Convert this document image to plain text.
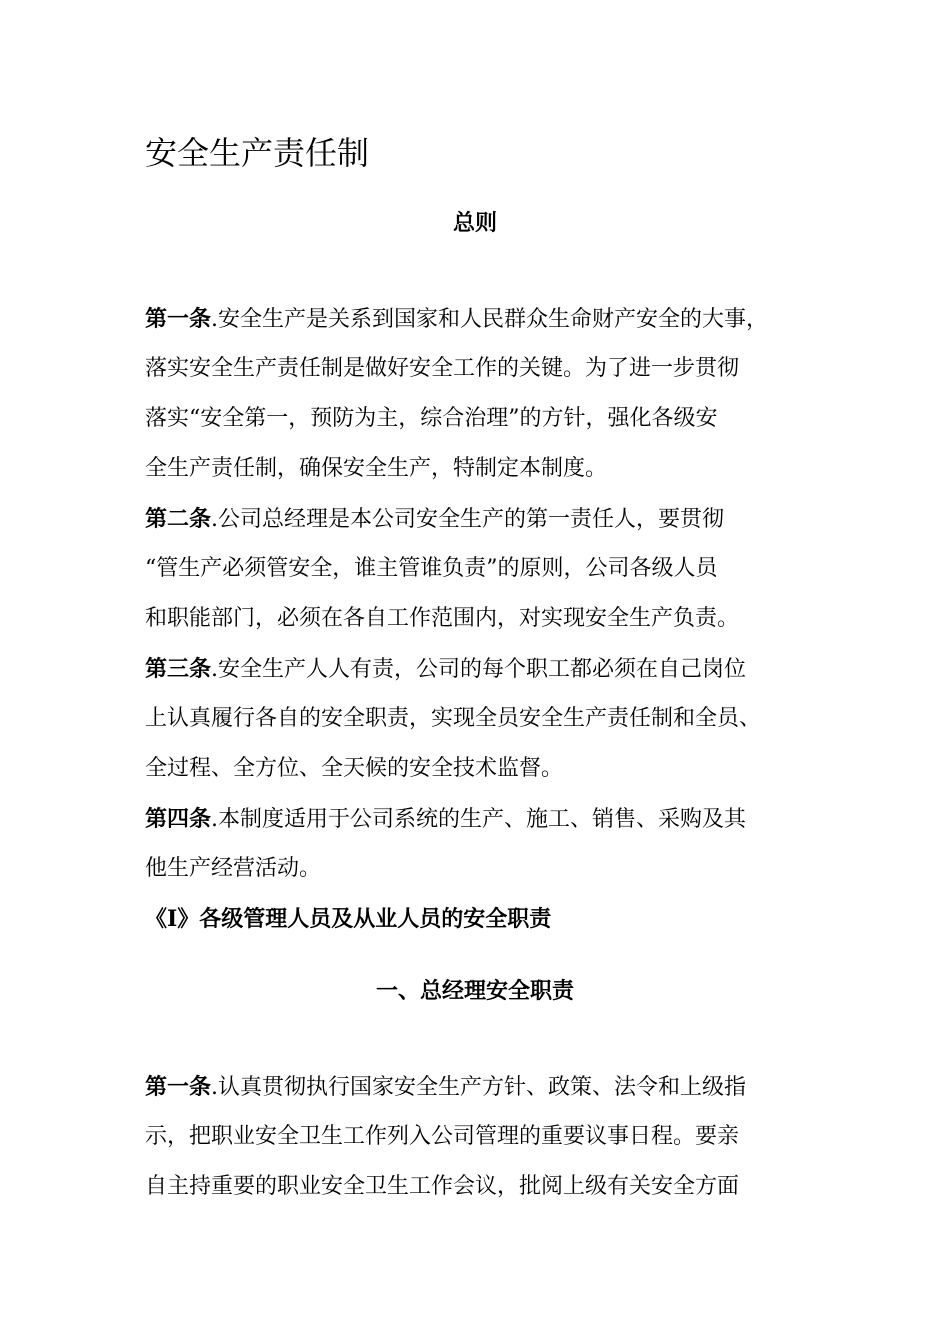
安全生产责任制
总则
第一条.安全生产是关系到国家和人民群众生命财产安全的大事，
落实安全生产责任制是做好安全工作的关键。为了进一步贯彻
落实“安全第一，预防为主，综合治理”的方针，强化各级安
全生产责任制，确保安全生产，特制定本制度。
第二条.公司总经理是本公司安全生产的第一责任人，要贯彻
“管生产必须管安全，谁主管谁负责”的原则，公司各级人员
和职能部门，必须在各自工作范围内，对实现安全生产负责。
第三条.安全生产人人有责，公司的每个职工都必须在自己岗位
上认真履行各自的安全职责，实现全员安全生产责任制和全员、
全过程、全方位、全天候的安全技术监督。
第四条.本制度适用于公司系统的生产、施工、销售、采购及其
他生产经营活动。
《Ⅰ》各级管理人员及从业人员的安全职责
一、总经理安全职责
第一条.认真贯彻执行国家安全生产方针、政策、法令和上级指
示，把职业安全卫生工作列入公司管理的重要议事日程。要亲
自主持重要的职业安全卫生工作会议，批阅上级有关安全方面
